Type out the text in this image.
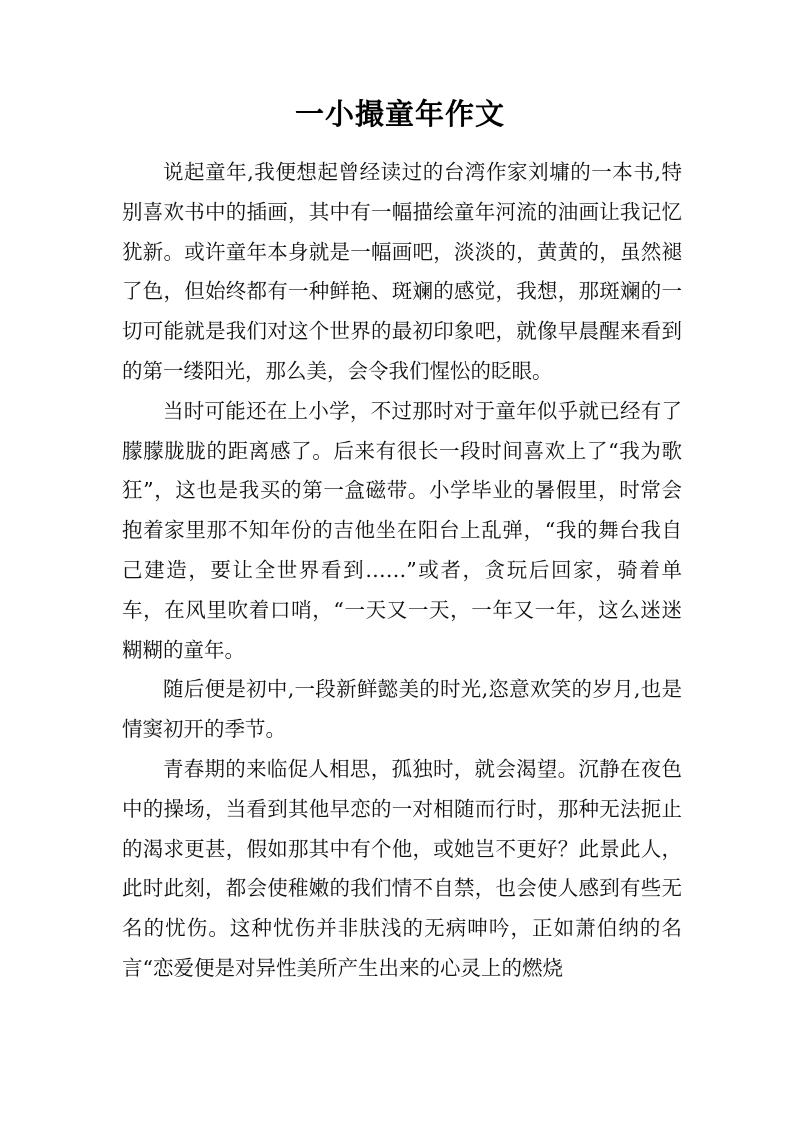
一小撮童年作文

说起童年,我便想起曾经读过的台湾作家刘墉的一本书,特别喜欢书中的插画，其中有一幅描绘童年河流的油画让我记忆犹新。或许童年本身就是一幅画吧，淡淡的，黄黄的，虽然褪了色，但始终都有一种鲜艳、斑斓的感觉，我想，那斑斓的一切可能就是我们对这个世界的最初印象吧，就像早晨醒来看到的第一缕阳光，那么美，会令我们惺忪的眨眼。

当时可能还在上小学，不过那时对于童年似乎就已经有了朦朦胧胧的距离感了。后来有很长一段时间喜欢上了“我为歌狂”，这也是我买的第一盒磁带。小学毕业的暑假里，时常会抱着家里那不知年份的吉他坐在阳台上乱弹，“我的舞台我自己建造，要让全世界看到……”或者，贪玩后回家，骑着单车，在风里吹着口哨，“一天又一天，一年又一年，这么迷迷糊糊的童年。

随后便是初中,一段新鲜懿美的时光,恣意欢笑的岁月,也是情窦初开的季节。

青春期的来临促人相思，孤独时，就会渴望。沉静在夜色中的操场，当看到其他早恋的一对相随而行时，那种无法扼止的渴求更甚，假如那其中有个他，或她岂不更好？此景此人，此时此刻，都会使稚嫩的我们情不自禁，也会使人感到有些无名的忧伤。这种忧伤并非肤浅的无病呻吟，正如萧伯纳的名言“恋爱便是对异性美所产生出来的心灵上的燃烧
